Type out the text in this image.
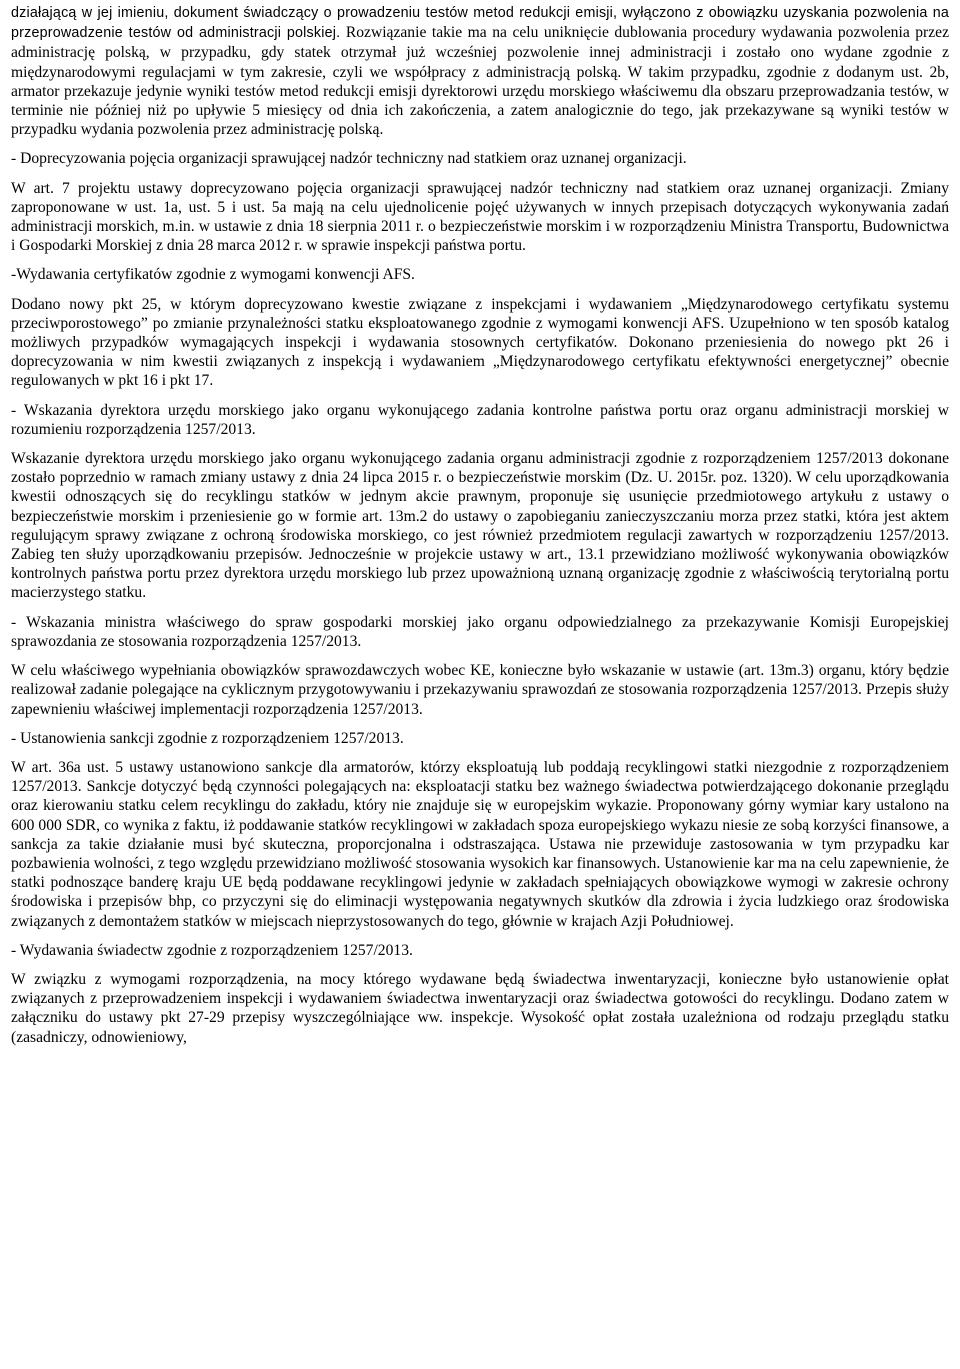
działającą w jej imieniu, dokument świadczący o prowadzeniu testów metod redukcji emisji, wyłączono z obowiązku uzyskania pozwolenia na przeprowadzenie testów od administracji polskiej. Rozwiązanie takie ma na celu uniknięcie dublowania procedury wydawania pozwolenia przez administrację polską, w przypadku, gdy statek otrzymał już wcześniej pozwolenie innej administracji i zostało ono wydane zgodnie z międzynarodowymi regulacjami w tym zakresie, czyli we współpracy z administracją polską. W takim przypadku, zgodnie z dodanym ust. 2b, armator przekazuje jedynie wyniki testów metod redukcji emisji dyrektorowi urzędu morskiego właściwemu dla obszaru przeprowadzania testów, w terminie nie później niż po upływie 5 miesięcy od dnia ich zakończenia, a zatem analogicznie do tego, jak przekazywane są wyniki testów w przypadku wydania pozwolenia przez administrację polską.

- Doprecyzowania pojęcia organizacji sprawującej nadzór techniczny nad statkiem oraz uznanej organizacji.

W art. 7 projektu ustawy doprecyzowano pojęcia organizacji sprawującej nadzór techniczny nad statkiem oraz uznanej organizacji. Zmiany zaproponowane w ust. 1a, ust. 5 i ust. 5a mają na celu ujednolicenie pojęć używanych w innych przepisach dotyczących wykonywania zadań administracji morskich, m.in. w ustawie z dnia 18 sierpnia 2011 r. o bezpieczeństwie morskim i w rozporządzeniu Ministra Transportu, Budownictwa i Gospodarki Morskiej z dnia 28 marca 2012 r. w sprawie inspekcji państwa portu.

-Wydawania certyfikatów zgodnie z wymogami konwencji AFS.

Dodano nowy pkt 25, w którym doprecyzowano kwestie związane z inspekcjami i wydawaniem „Międzynarodowego certyfikatu systemu przeciwporostowego” po zmianie przynależności statku eksploatowanego zgodnie z wymogami konwencji AFS. Uzupełniono w ten sposób katalog możliwych przypadków wymagających inspekcji i wydawania stosownych certyfikatów. Dokonano przeniesienia do nowego pkt 26 i doprecyzowania w nim kwestii związanych z inspekcją i wydawaniem „Międzynarodowego certyfikatu efektywności energetycznej” obecnie regulowanych w pkt 16 i pkt 17.

- Wskazania dyrektora urzędu morskiego jako organu wykonującego zadania kontrolne państwa portu oraz organu administracji morskiej w rozumieniu rozporządzenia 1257/2013.

Wskazanie dyrektora urzędu morskiego jako organu wykonującego zadania organu administracji zgodnie z rozporządzeniem 1257/2013 dokonane zostało poprzednio w ramach zmiany ustawy z dnia 24 lipca 2015 r. o bezpieczeństwie morskim (Dz. U. 2015r. poz. 1320). W celu uporządkowania kwestii odnoszących się do recyklingu statków w jednym akcie prawnym, proponuje się usunięcie przedmiotowego artykułu z ustawy o bezpieczeństwie morskim i przeniesienie go w formie art. 13m.2 do ustawy o zapobieganiu zanieczyszczaniu morza przez statki, która jest aktem regulującym sprawy związane z ochroną środowiska morskiego, co jest również przedmiotem regulacji zawartych w rozporządzeniu 1257/2013. Zabieg ten służy uporządkowaniu przepisów. Jednocześnie w projekcie ustawy w art., 13.1 przewidziano możliwość wykonywania obowiązków kontrolnych państwa portu przez dyrektora urzędu morskiego lub przez upoważnioną uznaną organizację zgodnie z właściwością terytorialną portu macierzystego statku.

- Wskazania ministra właściwego do spraw gospodarki morskiej jako organu odpowiedzialnego za przekazywanie Komisji Europejskiej sprawozdania ze stosowania rozporządzenia 1257/2013.

W celu właściwego wypełniania obowiązków sprawozdawczych wobec KE, konieczne było wskazanie w ustawie (art. 13m.3) organu, który będzie realizował zadanie polegające na cyklicznym przygotowywaniu i przekazywaniu sprawozdań ze stosowania rozporządzenia 1257/2013. Przepis służy zapewnieniu właściwej implementacji rozporządzenia 1257/2013.

- Ustanowienia sankcji zgodnie z rozporządzeniem 1257/2013.

W art. 36a ust. 5 ustawy ustanowiono sankcje dla armatorów, którzy eksploatują lub poddają recyklingowi statki niezgodnie z rozporządzeniem 1257/2013. Sankcje dotyczyć będą czynności polegających na: eksploatacji statku bez ważnego świadectwa potwierdzającego dokonanie przeglądu oraz kierowaniu statku celem recyklingu do zakładu, który nie znajduje się w europejskim wykazie. Proponowany górny wymiar kary ustalono na 600 000 SDR, co wynika z faktu, iż poddawanie statków recyklingowi w zakładach spoza europejskiego wykazu niesie ze sobą korzyści finansowe, a sankcja za takie działanie musi być skuteczna, proporcjonalna i odstraszająca. Ustawa nie przewiduje zastosowania w tym przypadku kar pozbawienia wolności, z tego względu przewidziano możliwość stosowania wysokich kar finansowych. Ustanowienie kar ma na celu zapewnienie, że statki podnoszące banderę kraju UE będą poddawane recyklingowi jedynie w zakładach spełniających obowiązkowe wymogi w zakresie ochrony środowiska i przepisów bhp, co przyczyni się do eliminacji występowania negatywnych skutków dla zdrowia i życia ludzkiego oraz środowiska związanych z demontażem statków w miejscach nieprzystosowanych do tego, głównie w krajach Azji Południowej.

- Wydawania świadectw zgodnie z rozporządzeniem 1257/2013.

W związku z wymogami rozporządzenia, na mocy którego wydawane będą świadectwa inwentaryzacji, konieczne było ustanowienie opłat związanych z przeprowadzeniem inspekcji i wydawaniem świadectwa inwentaryzacji oraz świadectwa gotowości do recyklingu. Dodano zatem w załączniku do ustawy pkt 27-29 przepisy wyszczególniające ww. inspekcje. Wysokość opłat została uzależniona od rodzaju przeglądu statku (zasadniczy, odnowieniowy,
